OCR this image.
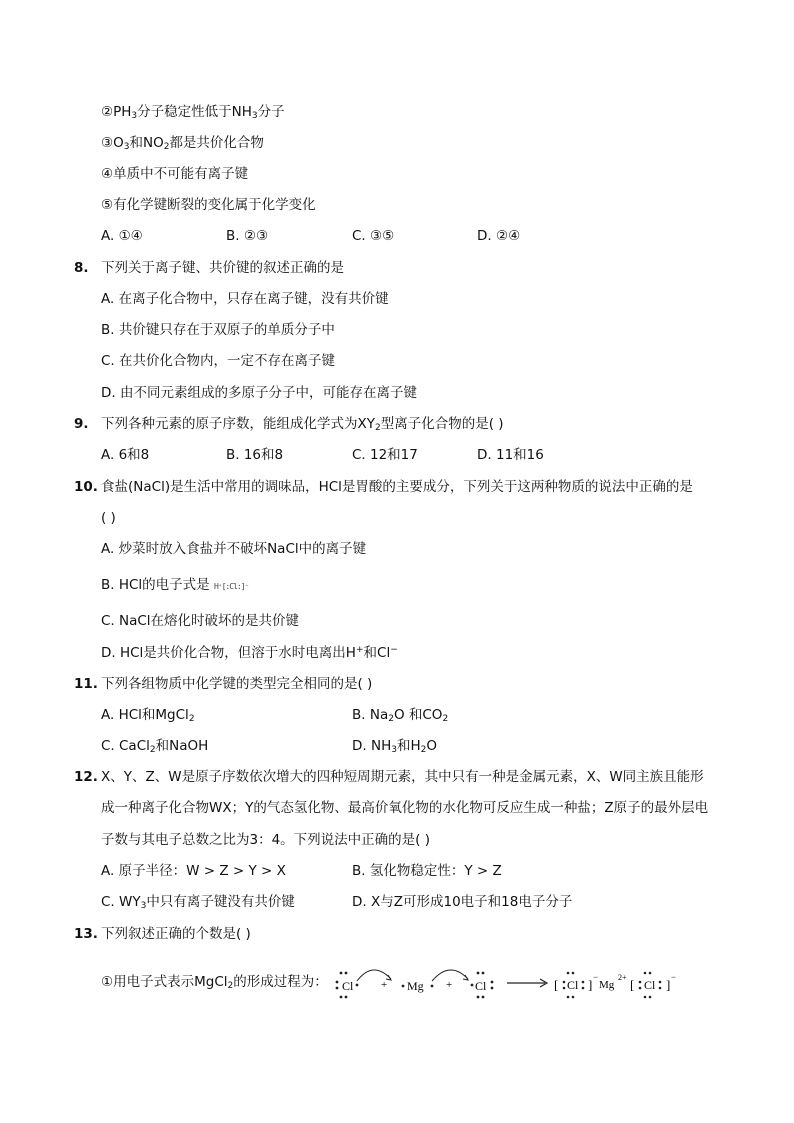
$②PH_3$分子稳定性低于$NH_3$分子
$③O_3$和$NO_2$都是共价化合物
④单质中不可能有离子键
⑤有化学键断裂的变化属于化学变化
A. ①④	B. ②③	C. ③⑤	D. ②④
8. 下列关于离子键、共价键的叙述正确的是
A. 在离子化合物中，只存在离子键，没有共价键
B. 共价键只存在于双原子的单质分子中
C. 在共价化合物内，一定不存在离子键
D. 由不同元素组成的多原子分子中，可能存在离子键
9. 下列各种元素的原子序数，能组成化学式为$XY_2$型离子化合物的是( )
A. 6和8	B. 16和8	C. 12和17	D. 11和16
10. 食盐(NaCl)是生活中常用的调味品，HCl是胃酸的主要成分，下列关于这两种物质的说法中正确的是
( )
A. 炒菜时放入食盐并不破坏NaCl中的离子键
B. HCl的电子式是 H⁺[:Cl:]⁻
C. NaCl在熔化时破坏的是共价键
D. HCl是共价化合物，但溶于水时电离出H+和Cl−
11. 下列各组物质中化学键的类型完全相同的是( )
A. HCl和MgCl$_2$	B. $Na_2O$ 和$CO_2$
C. CaCl$_2$和NaOH	D. $NH_3$和$H_2O$
12. X、Y、Z、W是原子序数依次增大的四种短周期元素，其中只有一种是金属元素，X、W同主族且能形
成一种离子化合物WX；Y的气态氢化物、最高价氧化物的水化物可反应生成一种盐；Z原子的最外层电
子数与其电子总数之比为3：4。下列说法中正确的是( )
A. 原子半径：W > Z > Y > X	B. 氢化物稳定性：Y > Z
C. $WY_3$中只有离子键没有共价键	D. X与Z可形成10电子和18电子分子
13. 下列叙述正确的个数是( )
①用电子式表示MgCl$_2$的形成过程为： Cl	+ Mg + Cl
⟶
[ Cl ] −
Mg
2+ [ Cl ] −
